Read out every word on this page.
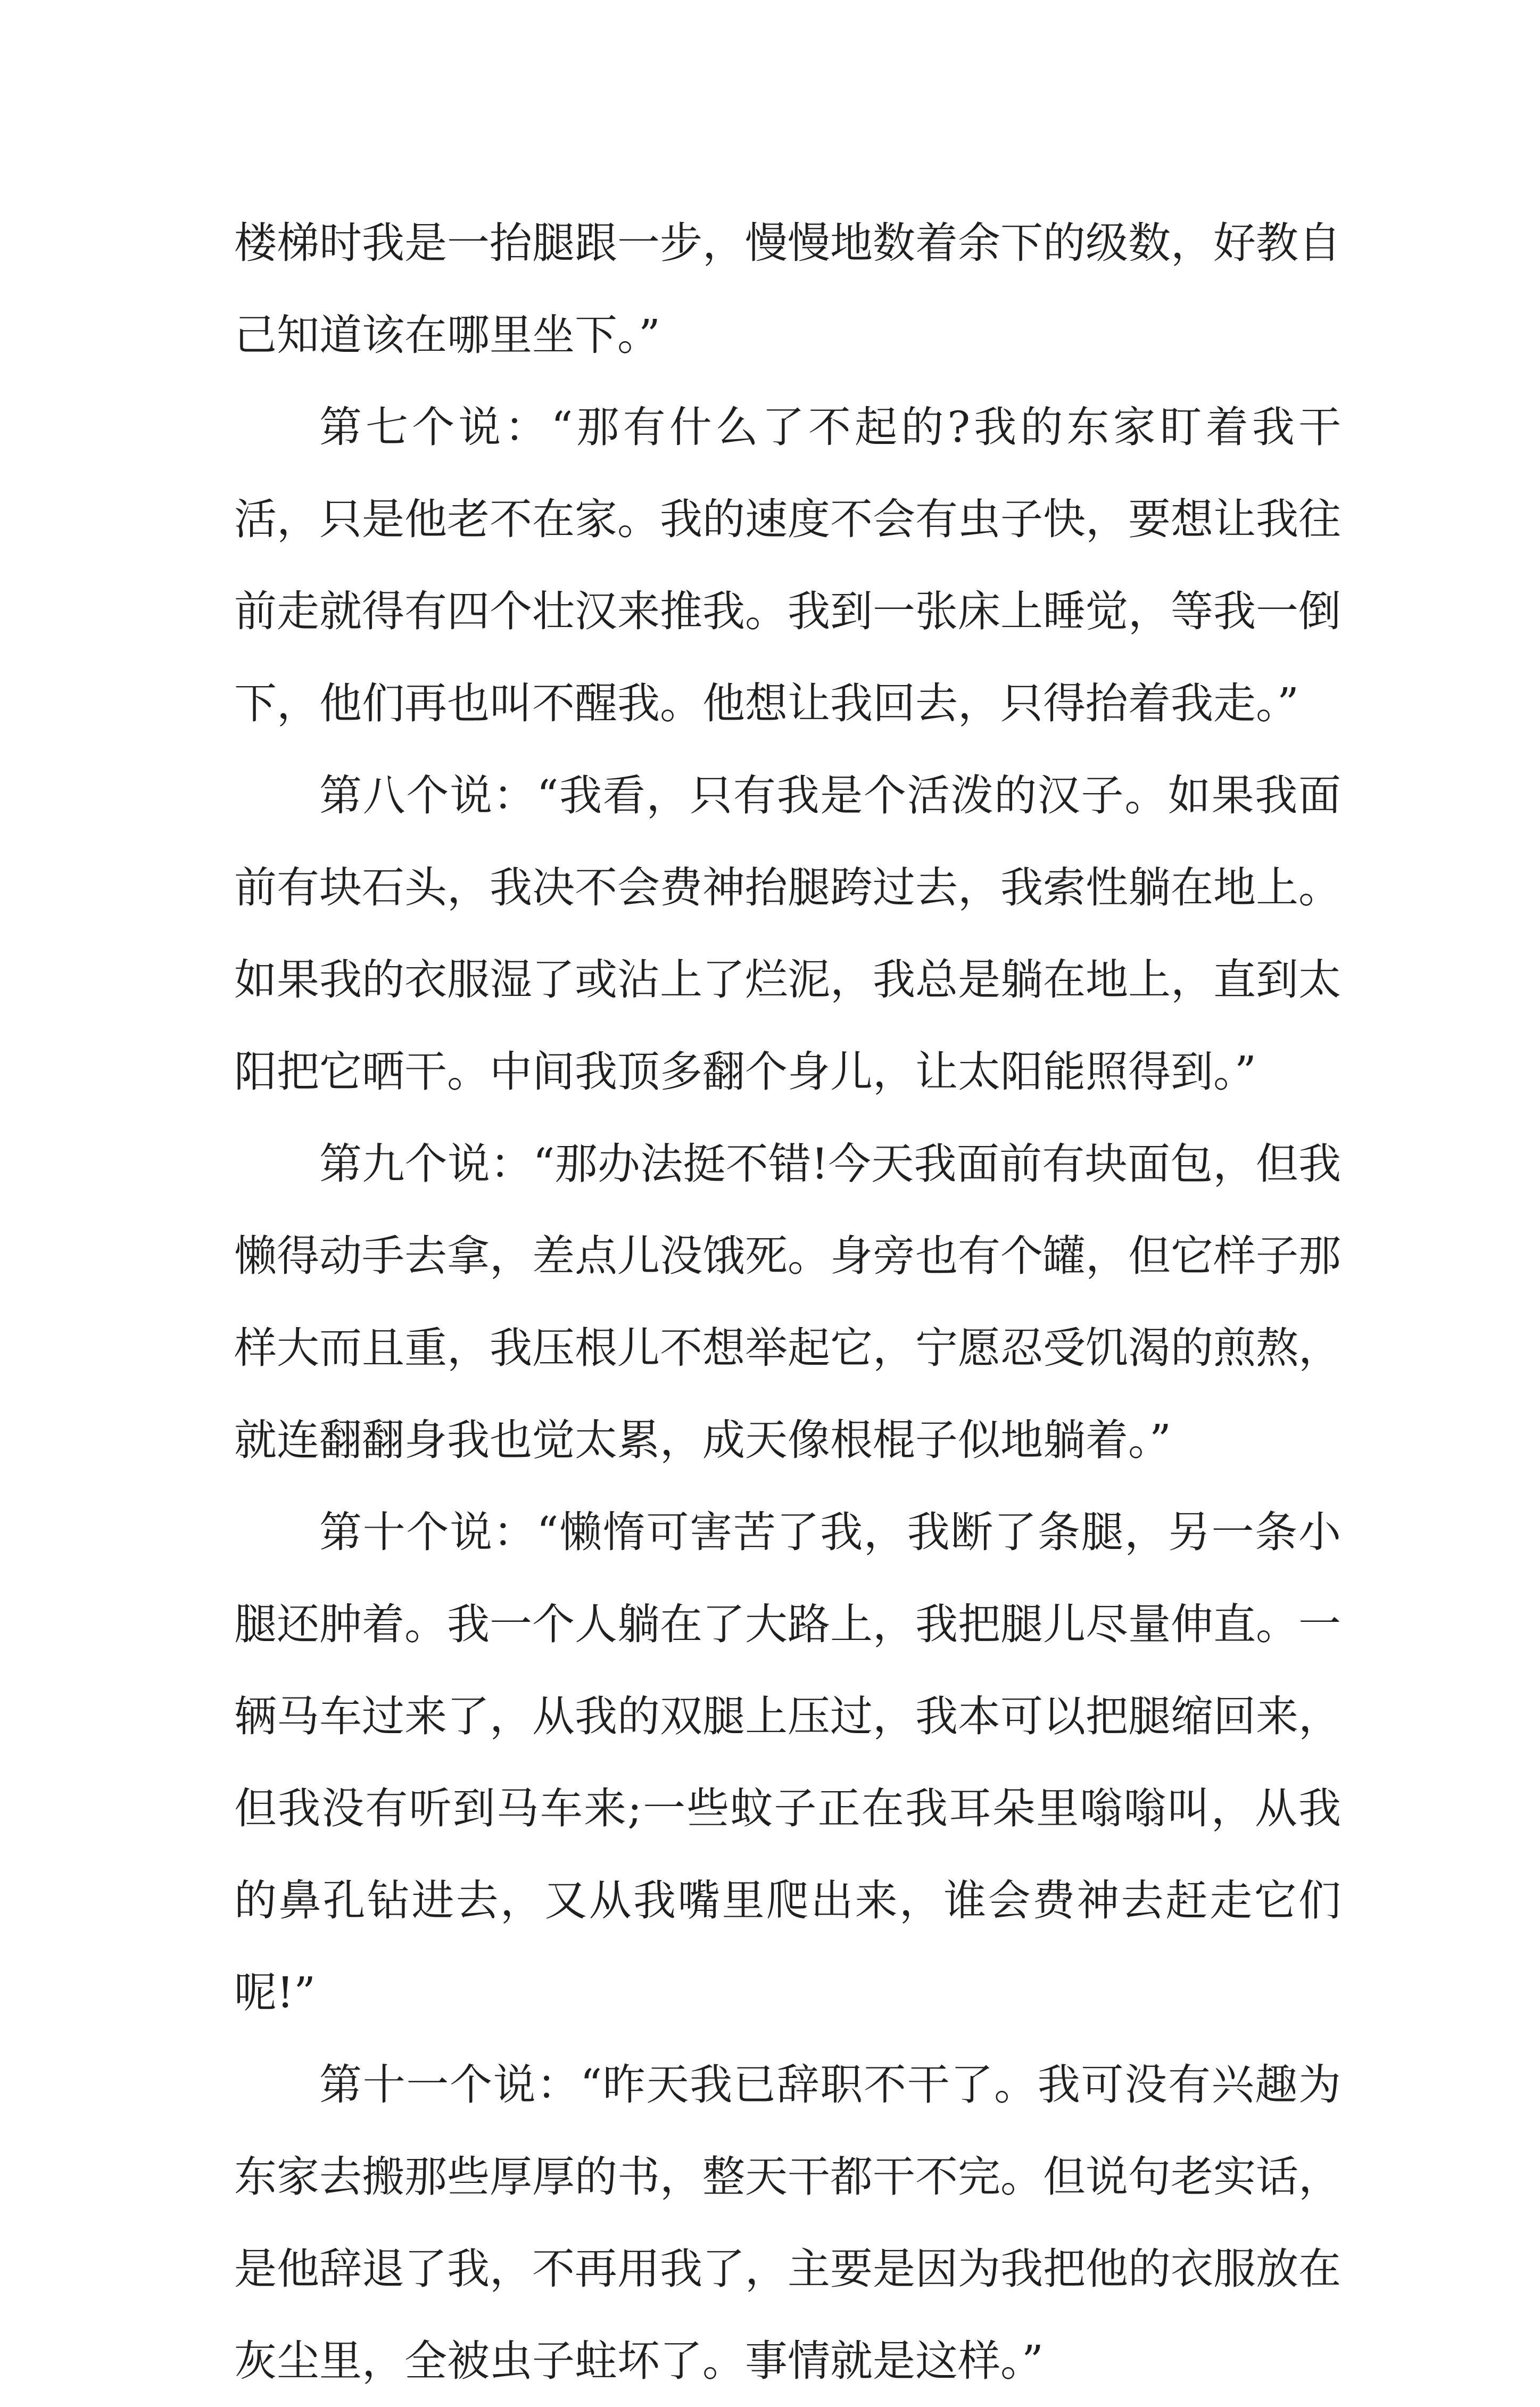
楼梯时我是一抬腿跟一步，慢慢地数着余下的级数，好教自己知道该在哪里坐下。”

第七个说：“那有什么了不起的?我的东家盯着我干活，只是他老不在家。我的速度不会有虫子快，要想让我往前走就得有四个壮汉来推我。我到一张床上睡觉，等我一倒下，他们再也叫不醒我。他想让我回去，只得抬着我走。”

第八个说：“我看，只有我是个活泼的汉子。如果我面前有块石头，我决不会费神抬腿跨过去，我索性躺在地上。如果我的衣服湿了或沾上了烂泥，我总是躺在地上，直到太阳把它晒干。中间我顶多翻个身儿，让太阳能照得到。”

第九个说：“那办法挺不错!今天我面前有块面包，但我懒得动手去拿，差点儿没饿死。身旁也有个罐，但它样子那样大而且重，我压根儿不想举起它，宁愿忍受饥渴的煎熬，就连翻翻身我也觉太累，成天像根棍子似地躺着。”

第十个说：“懒惰可害苦了我，我断了条腿，另一条小腿还肿着。我一个人躺在了大路上，我把腿儿尽量伸直。一辆马车过来了，从我的双腿上压过，我本可以把腿缩回来，但我没有听到马车来;一些蚊子正在我耳朵里嗡嗡叫，从我的鼻孔钻进去，又从我嘴里爬出来，谁会费神去赶走它们呢!”

第十一个说：“昨天我已辞职不干了。我可没有兴趣为东家去搬那些厚厚的书，整天干都干不完。但说句老实话，是他辞退了我，不再用我了，主要是因为我把他的衣服放在灰尘里，全被虫子蛀坏了。事情就是这样。”
